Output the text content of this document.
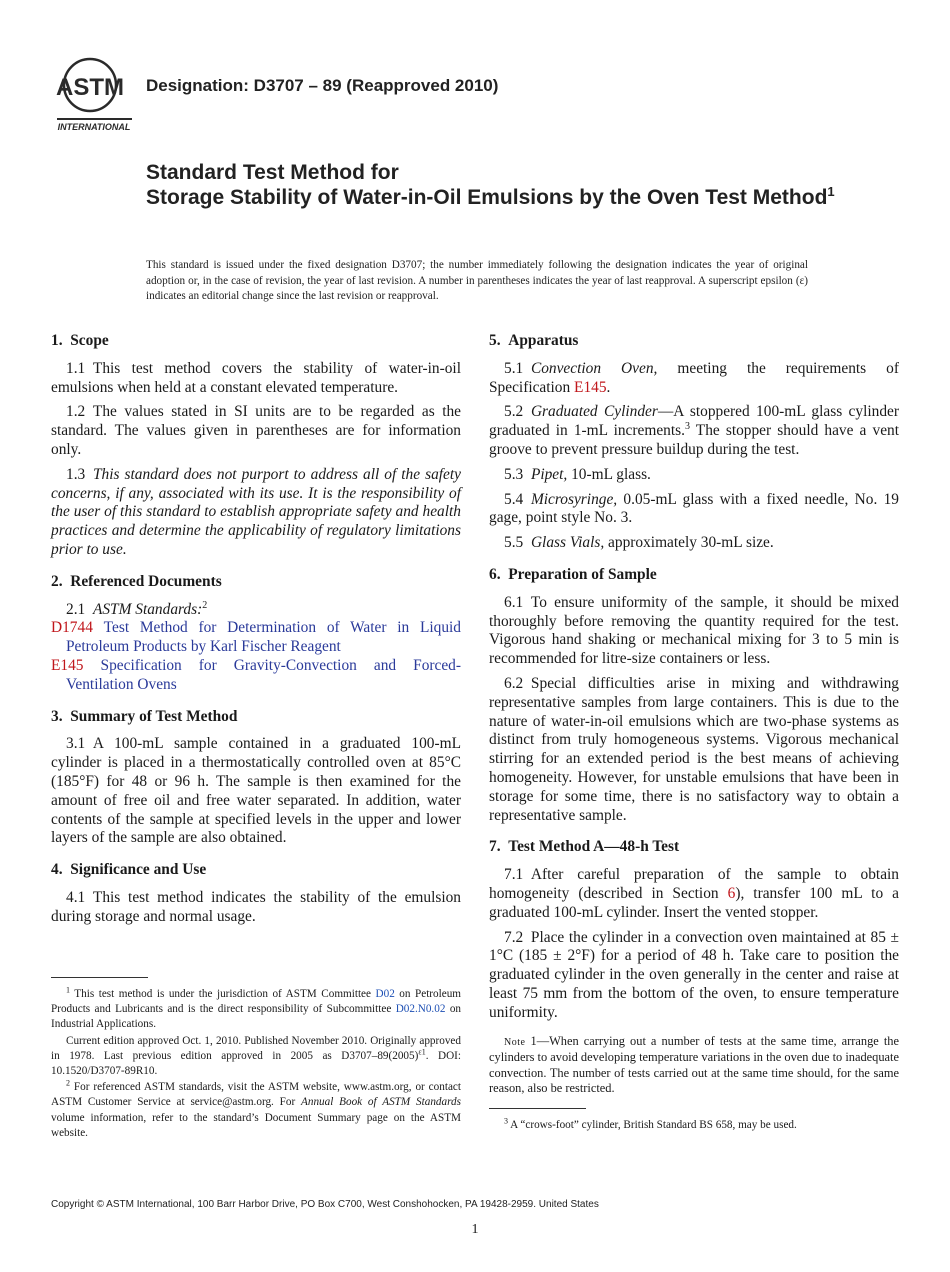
ASTM
INTERNATIONAL
Designation: D3707 – 89 (Reapproved 2010)
Standard Test Method for
Storage Stability of Water-in-Oil Emulsions by the Oven Test Method$^1$
This standard is issued under the fixed designation D3707; the number immediately following the designation indicates the year of original adoption or, in the case of revision, the year of last revision. A number in parentheses indicates the year of last reapproval. A superscript epsilon (ε) indicates an editorial change since the last revision or reapproval.
1. Scope
1.1 This test method covers the stability of water-in-oil emulsions when held at a constant elevated temperature.
1.2 The values stated in SI units are to be regarded as the standard. The values given in parentheses are for information only.
1.3 This standard does not purport to address all of the safety concerns, if any, associated with its use. It is the responsibility of the user of this standard to establish appropriate safety and health practices and determine the applicability of regulatory limitations prior to use.
2. Referenced Documents
2.1 ASTM Standards:$^2$
D1744 Test Method for Determination of Water in Liquid Petroleum Products by Karl Fischer Reagent
E145 Specification for Gravity-Convection and Forced-Ventilation Ovens
3. Summary of Test Method
3.1 A 100-mL sample contained in a graduated 100-mL cylinder is placed in a thermostatically controlled oven at 85°C (185°F) for 48 or 96 h. The sample is then examined for the amount of free oil and free water separated. In addition, water contents of the sample at specified levels in the upper and lower layers of the sample are also obtained.
4. Significance and Use
4.1 This test method indicates the stability of the emulsion during storage and normal usage.
5. Apparatus
5.1 Convection Oven, meeting the requirements of Specification E145.
5.2 Graduated Cylinder—A stoppered 100-mL glass cylinder graduated in 1-mL increments.$^3$ The stopper should have a vent groove to prevent pressure buildup during the test.
5.3 Pipet, 10-mL glass.
5.4 Microsyringe, 0.05-mL glass with a fixed needle, No. 19 gage, point style No. 3.
5.5 Glass Vials, approximately 30-mL size.
6. Preparation of Sample
6.1 To ensure uniformity of the sample, it should be mixed thoroughly before removing the quantity required for the test. Vigorous hand shaking or mechanical mixing for 3 to 5 min is recommended for litre-size containers or less.
6.2 Special difficulties arise in mixing and withdrawing representative samples from large containers. This is due to the nature of water-in-oil emulsions which are two-phase systems as distinct from truly homogeneous systems. Vigorous mechanical stirring for an extended period is the best means of achieving homogeneity. However, for unstable emulsions that have been in storage for some time, there is no satisfactory way to obtain a representative sample.
7. Test Method A—48-h Test
7.1 After careful preparation of the sample to obtain homogeneity (described in Section 6), transfer 100 mL to a graduated 100-mL cylinder. Insert the vented stopper.
7.2 Place the cylinder in a convection oven maintained at 85 ± 1°C (185 ± 2°F) for a period of 48 h. Take care to position the graduated cylinder in the oven generally in the center and raise at least 75 mm from the bottom of the oven, to ensure temperature uniformity.
Note 1—When carrying out a number of tests at the same time, arrange the cylinders to avoid developing temperature variations in the oven due to inadequate convection. The number of tests carried out at the same time should, for the same reason, also be restricted.

$^1$ This test method is under the jurisdiction of ASTM Committee D02 on Petroleum Products and Lubricants and is the direct responsibility of Subcommittee D02.N0.02 on Industrial Applications.

Current edition approved Oct. 1, 2010. Published November 2010. Originally approved in 1978. Last previous edition approved in 2005 as $D3707-89(2005)^{\varepsilon 1}$. DOI: 10.1520/D3707-89R10.

$^2$ For referenced ASTM standards, visit the ASTM website, www.astm.org, or contact ASTM Customer Service at service@astm.org. For Annual Book of ASTM Standards volume information, refer to the standard’s Document Summary page on the ASTM website.

$^3$ A “crows-foot” cylinder, British Standard BS 658, may be used.

Copyright © ASTM International, 100 Barr Harbor Drive, PO Box C700, West Conshohocken, PA 19428-2959. United States
1
